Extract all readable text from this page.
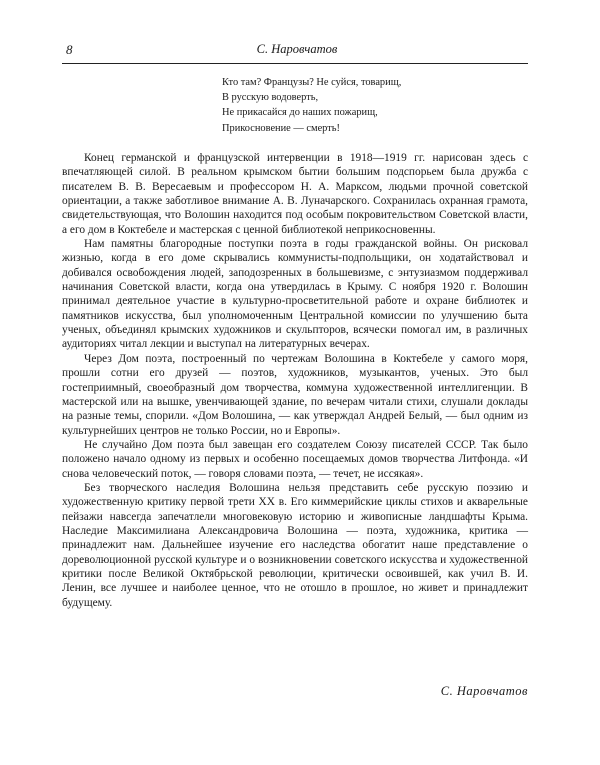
8	С. Наровчатов
Кто там? Французы? Не суйся, товарищ,
В русскую водоверть,
Не прикасайся до наших пожарищ,
Прикосновение — смерть!

Конец германской и французской интервенции в 1918—1919 гг. нарисован здесь с впечатляющей силой. В реальном крымском бытии большим подспорьем была дружба с писателем В. В. Вересаевым и профессором Н. А. Марксом, людьми прочной советской ориентации, а также заботливое внимание А. В. Луначарского. Сохранилась охранная грамота, свидетельствующая, что Волошин находится под особым покровительством Советской власти, а его дом в Коктебеле и мастерская с ценной библиотекой неприкосновенны.

Нам памятны благородные поступки поэта в годы гражданской войны. Он рисковал жизнью, когда в его доме скрывались коммунисты-подпольщики, он ходатайствовал и добивался освобождения людей, заподозренных в большевизме, с энтузиазмом поддерживал начинания Советской власти, когда она утвердилась в Крыму. С ноября 1920 г. Волошин принимал деятельное участие в культурно-просветительной работе и охране библиотек и памятников искусства, был уполномоченным Центральной комиссии по улучшению быта ученых, объединял крымских художников и скульпторов, всячески помогал им, в различных аудиториях читал лекции и выступал на литературных вечерах.

Через Дом поэта, построенный по чертежам Волошина в Коктебеле у самого моря, прошли сотни его друзей — поэтов, художников, музыкантов, ученых. Это был гостеприимный, своеобразный дом творчества, коммуна художественной интеллигенции. В мастерской или на вышке, увенчивающей здание, по вечерам читали стихи, слушали доклады на разные темы, спорили. «Дом Волошина, — как утверждал Андрей Белый, — был одним из культурнейших центров не только России, но и Европы».

Не случайно Дом поэта был завещан его создателем Союзу писателей СССР. Так было положено начало одному из первых и особенно посещаемых домов творчества Литфонда. «И снова человеческий поток, — говоря словами поэта, — течет, не иссякая».

Без творческого наследия Волошина нельзя представить себе русскую поэзию и художественную критику первой трети XX в. Его киммерийские циклы стихов и акварельные пейзажи навсегда запечатлели многовековую историю и живописные ландшафты Крыма. Наследие Максимилиана Александровича Волошина — поэта, художника, критика — принадлежит нам. Дальнейшее изучение его наследства обогатит наше представление о дореволюционной русской культуре и о возникновении советского искусства и художественной критики после Великой Октябрьской революции, критически освоившей, как учил В. И. Ленин, все лучшее и наиболее ценное, что не отошло в прошлое, но живет и принадлежит будущему.

С. Наровчатов
